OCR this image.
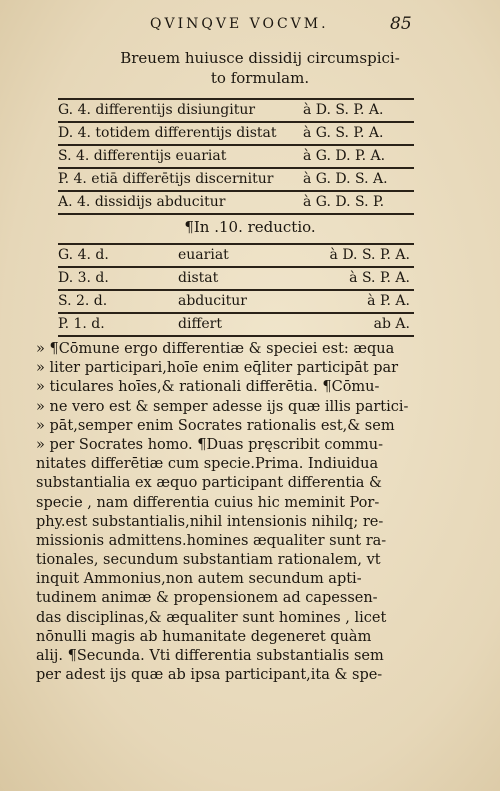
QVINQVE VOCVM.	85
Breuem huiusce dissidij circumspici-
to formulam.
G. 4. differentijs disiungitur	à D. S. P. A.
D. 4. totidem differentijs distat à G. S. P. A.
S. 4. differentijs euariat	à G. D. P. A.
P. 4. etiā differētijs discernitur à G. D. S. A.
A. 4. dissidijs abducitur	à G. D. S. P.
¶In .10. reductio.
G. 4. d.	euariat	à D. S. P. A.
D. 3. d.	distat	à S. P. A.
S. 2. d.	abducitur	à P. A.
P. 1. d.	differt	ab A.
» ¶Cōmune ergo differentiæ & speciei est: æqua
» liter participari,hoīe enim eq̄liter participāt par
» ticulares hoīes,& rationali differētia. ¶Cōmu-
» ne vero est & semper adesse ijs quæ illis partici-
» pāt,semper enim Socrates rationalis est,& sem
» per Socrates homo. ¶Duas pręscribit commu-
nitates differētiæ cum specie.Prima. Indiuidua
substantialia ex æquo participant differentia &
specie , nam differentia cuius hic meminit Por-
phy.est substantialis,nihil intensionis nihilq; re-
missionis admittens.homines æqualiter sunt ra-
tionales, secundum substantiam rationalem, vt
inquit Ammonius,non autem secundum apti-
tudinem animæ & propensionem ad capessen-
das disciplinas,& æqualiter sunt homines , licet
nōnulli magis ab humanitate degeneret quàm
alij. ¶Secunda. Vti differentia substantialis sem
per adest ijs quæ ab ipsa participant,ita & spe-
